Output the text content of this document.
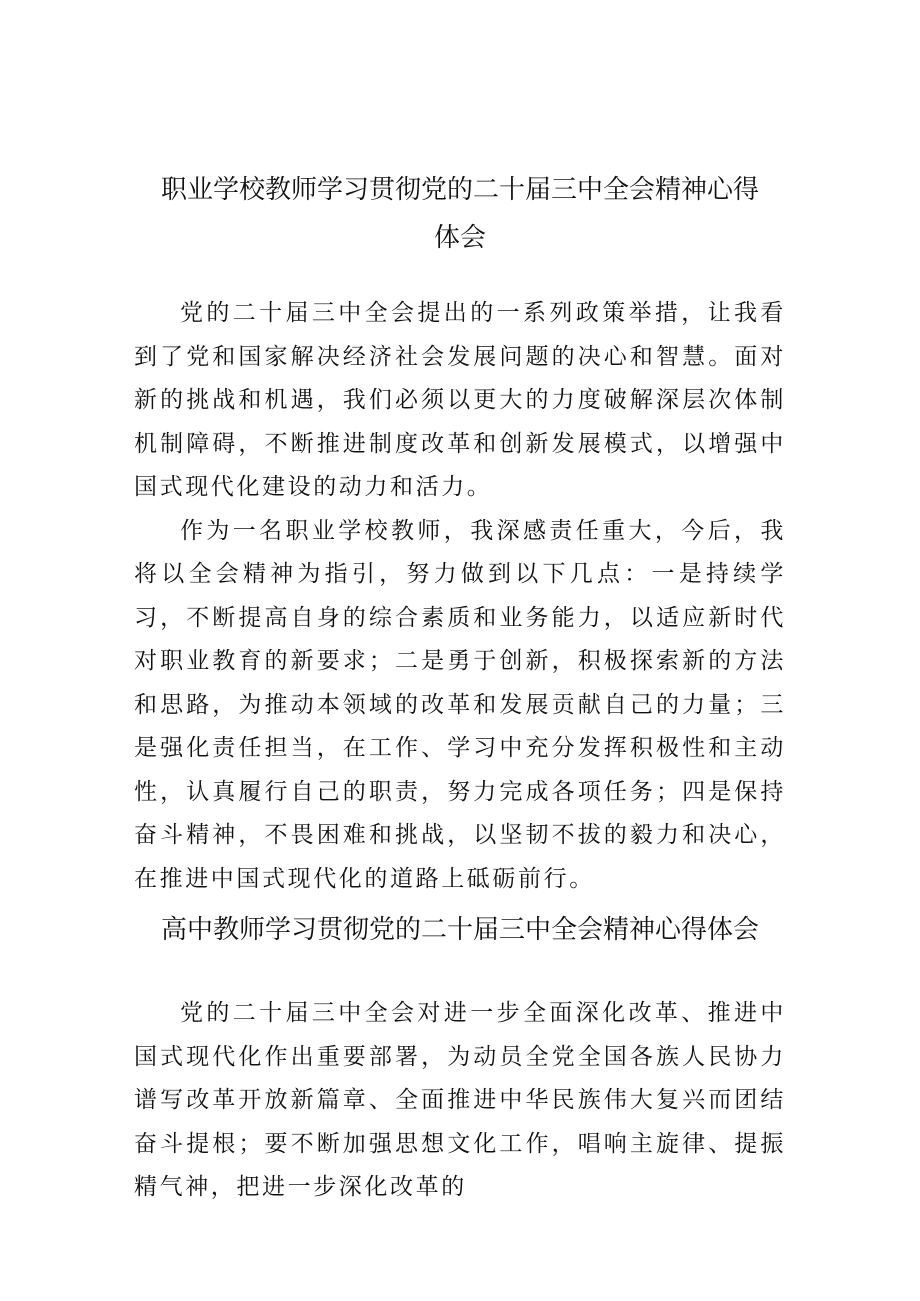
职业学校教师学习贯彻党的二十届三中全会精神心得
体会

党的二十届三中全会提出的一系列政策举措，让我看到了党和国家解决经济社会发展问题的决心和智慧。面对新的挑战和机遇，我们必须以更大的力度破解深层次体制机制障碍，不断推进制度改革和创新发展模式，以增强中国式现代化建设的动力和活力。

作为一名职业学校教师，我深感责任重大，今后，我将以全会精神为指引，努力做到以下几点：一是持续学习，不断提高自身的综合素质和业务能力，以适应新时代对职业教育的新要求；二是勇于创新，积极探索新的方法和思路，为推动本领域的改革和发展贡献自己的力量；三是强化责任担当，在工作、学习中充分发挥积极性和主动性，认真履行自己的职责，努力完成各项任务；四是保持奋斗精神，不畏困难和挑战，以坚韧不拔的毅力和决心，在推进中国式现代化的道路上砥砺前行。

高中教师学习贯彻党的二十届三中全会精神心得体会

党的二十届三中全会对进一步全面深化改革、推进中国式现代化作出重要部署，为动员全党全国各族人民协力谱写改革开放新篇章、全面推进中华民族伟大复兴而团结奋斗提根；要不断加强思想文化工作，唱响主旋律、提振精气神，把进一步深化改革的
